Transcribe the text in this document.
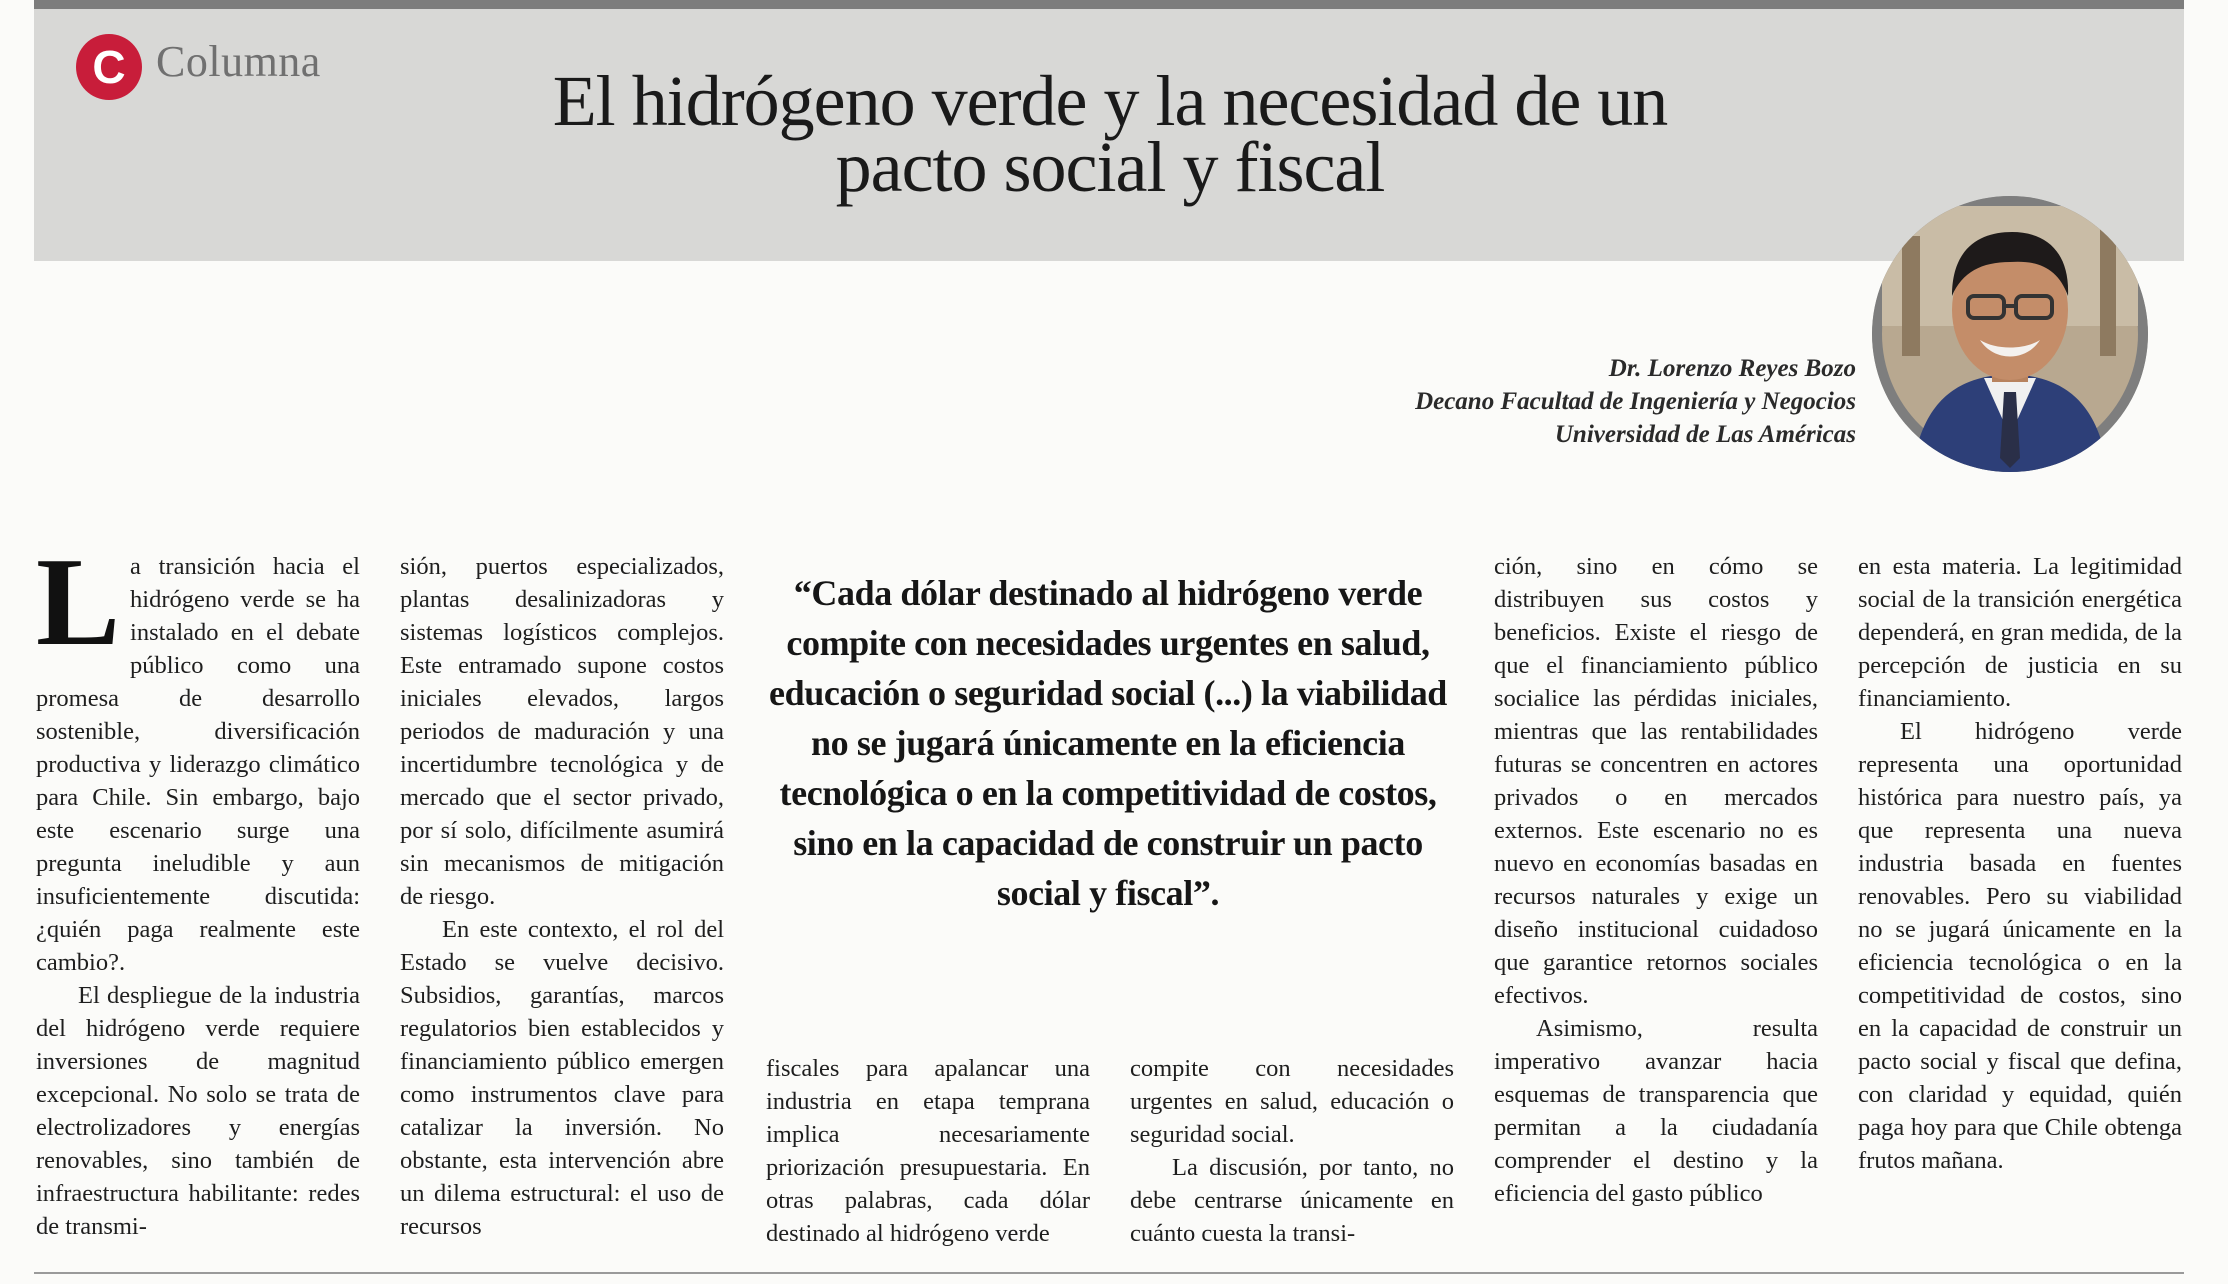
C Columna	El hidrógeno verde y la necesidad de un
pacto social y fiscal
Dr. Lorenzo Reyes Bozo
Decano Facultad de Ingeniería y Negocios
Universidad de Las Américas

La transición hacia el hidrógeno verde se ha instalado en el debate público como una promesa de desarrollo sostenible, diversificación productiva y liderazgo climático para Chile. Sin embargo, bajo este escenario surge una pregunta ineludible y aun insuficientemente discutida: ¿quién paga realmente este cambio?.

El despliegue de la industria del hidrógeno verde requiere inversiones de magnitud excepcional. No solo se trata de electrolizadores y energías renovables, sino también de infraestructura habilitante: redes de transmi-

sión, puertos especializados, plantas desalinizadoras y sistemas logísticos complejos. Este entramado supone costos iniciales elevados, largos periodos de maduración y una incertidumbre tecnológica y de mercado que el sector privado, por sí solo, difícilmente asumirá sin mecanismos de mitigación de riesgo.

En este contexto, el rol del Estado se vuelve decisivo. Subsidios, garantías, marcos regulatorios bien establecidos y financiamiento público emergen como instrumentos clave para catalizar la inversión. No obstante, esta intervención abre un dilema estructural: el uso de recursos

“Cada dólar destinado al hidrógeno verde compite con necesidades urgentes en salud, educación o seguridad social (...) la viabilidad no se jugará únicamente en la eficiencia tecnológica o en la competitividad de costos, sino en la capacidad de construir un pacto social y fiscal”.

fiscales para apalancar una industria en etapa temprana implica necesariamente priorización presupuestaria. En otras palabras, cada dólar destinado al hidrógeno verde

compite con necesidades urgentes en salud, educación o seguridad social.

La discusión, por tanto, no debe centrarse únicamente en cuánto cuesta la transi-

ción, sino en cómo se distribuyen sus costos y beneficios. Existe el riesgo de que el financiamiento público socialice las pérdidas iniciales, mientras que las rentabilidades futuras se concentren en actores privados o en mercados externos. Este escenario no es nuevo en economías basadas en recursos naturales y exige un diseño institucional cuidadoso que garantice retornos sociales efectivos.

Asimismo, resulta imperativo avanzar hacia esquemas de transparencia que permitan a la ciudadanía comprender el destino y la eficiencia del gasto público

en esta materia. La legitimidad social de la transición energética dependerá, en gran medida, de la percepción de justicia en su financiamiento.

El hidrógeno verde representa una oportunidad histórica para nuestro país, ya que representa una nueva industria basada en fuentes renovables. Pero su viabilidad no se jugará únicamente en la eficiencia tecnológica o en la competitividad de costos, sino en la capacidad de construir un pacto social y fiscal que defina, con claridad y equidad, quién paga hoy para que Chile obtenga frutos mañana.
